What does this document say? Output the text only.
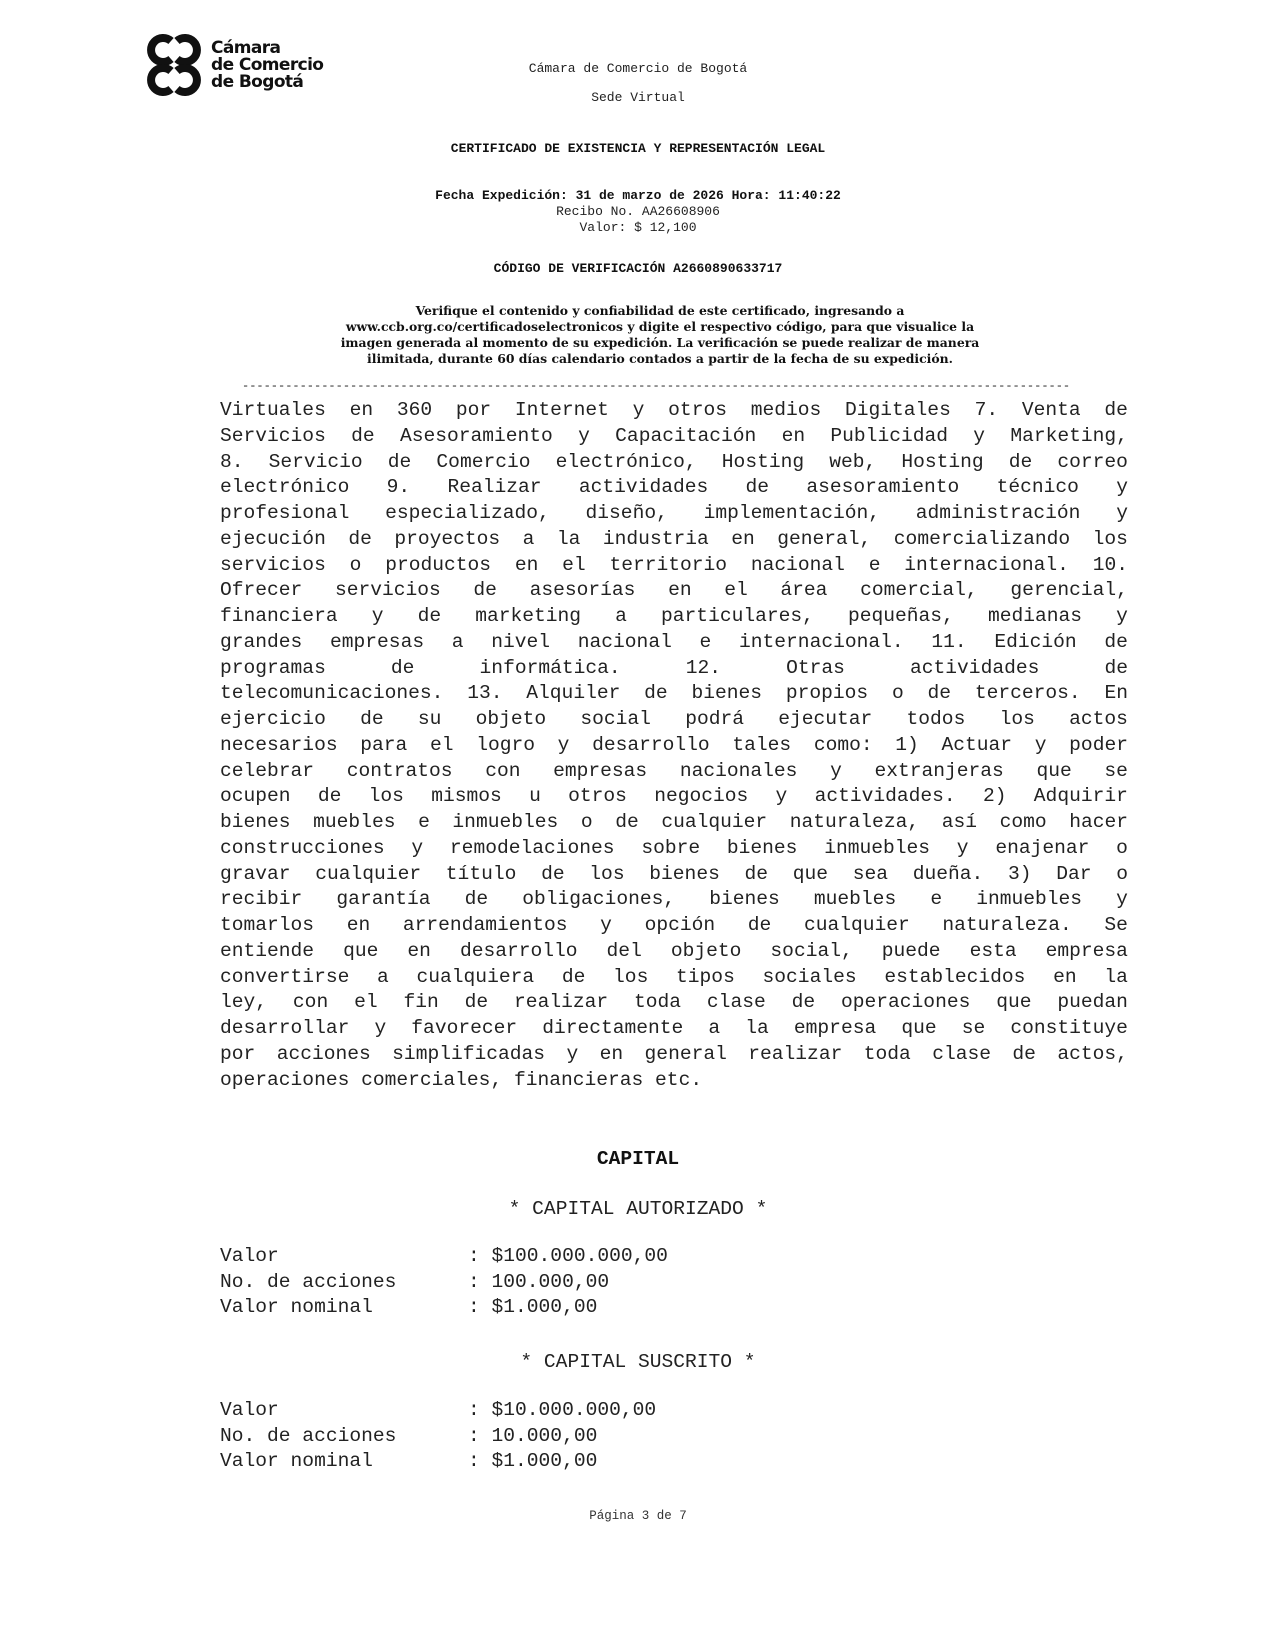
Cámara
de Comercio
de Bogotá
Cámara de Comercio de Bogotá
Sede Virtual
CERTIFICADO DE EXISTENCIA Y REPRESENTACIÓN LEGAL
Fecha Expedición: 31 de marzo de 2026 Hora: 11:40:22
Recibo No. AA26608906
Valor: $ 12,100
CÓDIGO DE VERIFICACIÓN A2660890633717
Verifique el contenido y confiabilidad de este certificado, ingresando a
www.ccb.org.co/certificadoselectronicos y digite el respectivo código, para que visualice la
imagen generada al momento de su expedición. La verificación se puede realizar de manera
ilimitada, durante 60 días calendario contados a partir de la fecha de su expedición.
-------------------------------------------------------------------------------------------------------------------
Virtuales en 360 por Internet y otros medios Digitales 7. Venta de
Servicios de Asesoramiento y Capacitación en Publicidad y Marketing,
8. Servicio de Comercio electrónico, Hosting web, Hosting de correo
electrónico 9. Realizar actividades de asesoramiento técnico y
profesional especializado, diseño, implementación, administración y
ejecución de proyectos a la industria en general, comercializando los
servicios o productos en el territorio nacional e internacional. 10.
Ofrecer servicios de asesorías en el área comercial, gerencial,
financiera y de marketing a particulares, pequeñas, medianas y
grandes empresas a nivel nacional e internacional. 11. Edición de
programas	de	informática.	12.	Otras	actividades	de
telecomunicaciones. 13. Alquiler de bienes propios o de terceros. En
ejercicio de su objeto social podrá ejecutar todos los actos
necesarios para el logro y desarrollo tales como: 1) Actuar y poder
celebrar contratos con empresas nacionales y extranjeras que se
ocupen de los mismos u otros negocios y actividades. 2) Adquirir
bienes muebles e inmuebles o de cualquier naturaleza, así como hacer
construcciones y remodelaciones sobre bienes inmuebles y enajenar o
gravar cualquier título de los bienes de que sea dueña. 3) Dar o
recibir garantía de obligaciones, bienes muebles e inmuebles y
tomarlos en arrendamientos y opción de cualquier naturaleza. Se
entiende que en desarrollo del objeto social, puede esta empresa
convertirse a cualquiera de los tipos sociales establecidos en la
ley, con el fin de realizar toda clase de operaciones que puedan
desarrollar y favorecer directamente a la empresa que se constituye
por acciones simplificadas y en general realizar toda clase de actos,
operaciones comerciales, financieras etc.
CAPITAL
* CAPITAL AUTORIZADO *
Valor	: $100.000.000,00
No. de acciones	: 100.000,00
Valor nominal	: $1.000,00
* CAPITAL SUSCRITO *
Valor	: $10.000.000,00
No. de acciones	: 10.000,00
Valor nominal	: $1.000,00
Página 3 de 7
